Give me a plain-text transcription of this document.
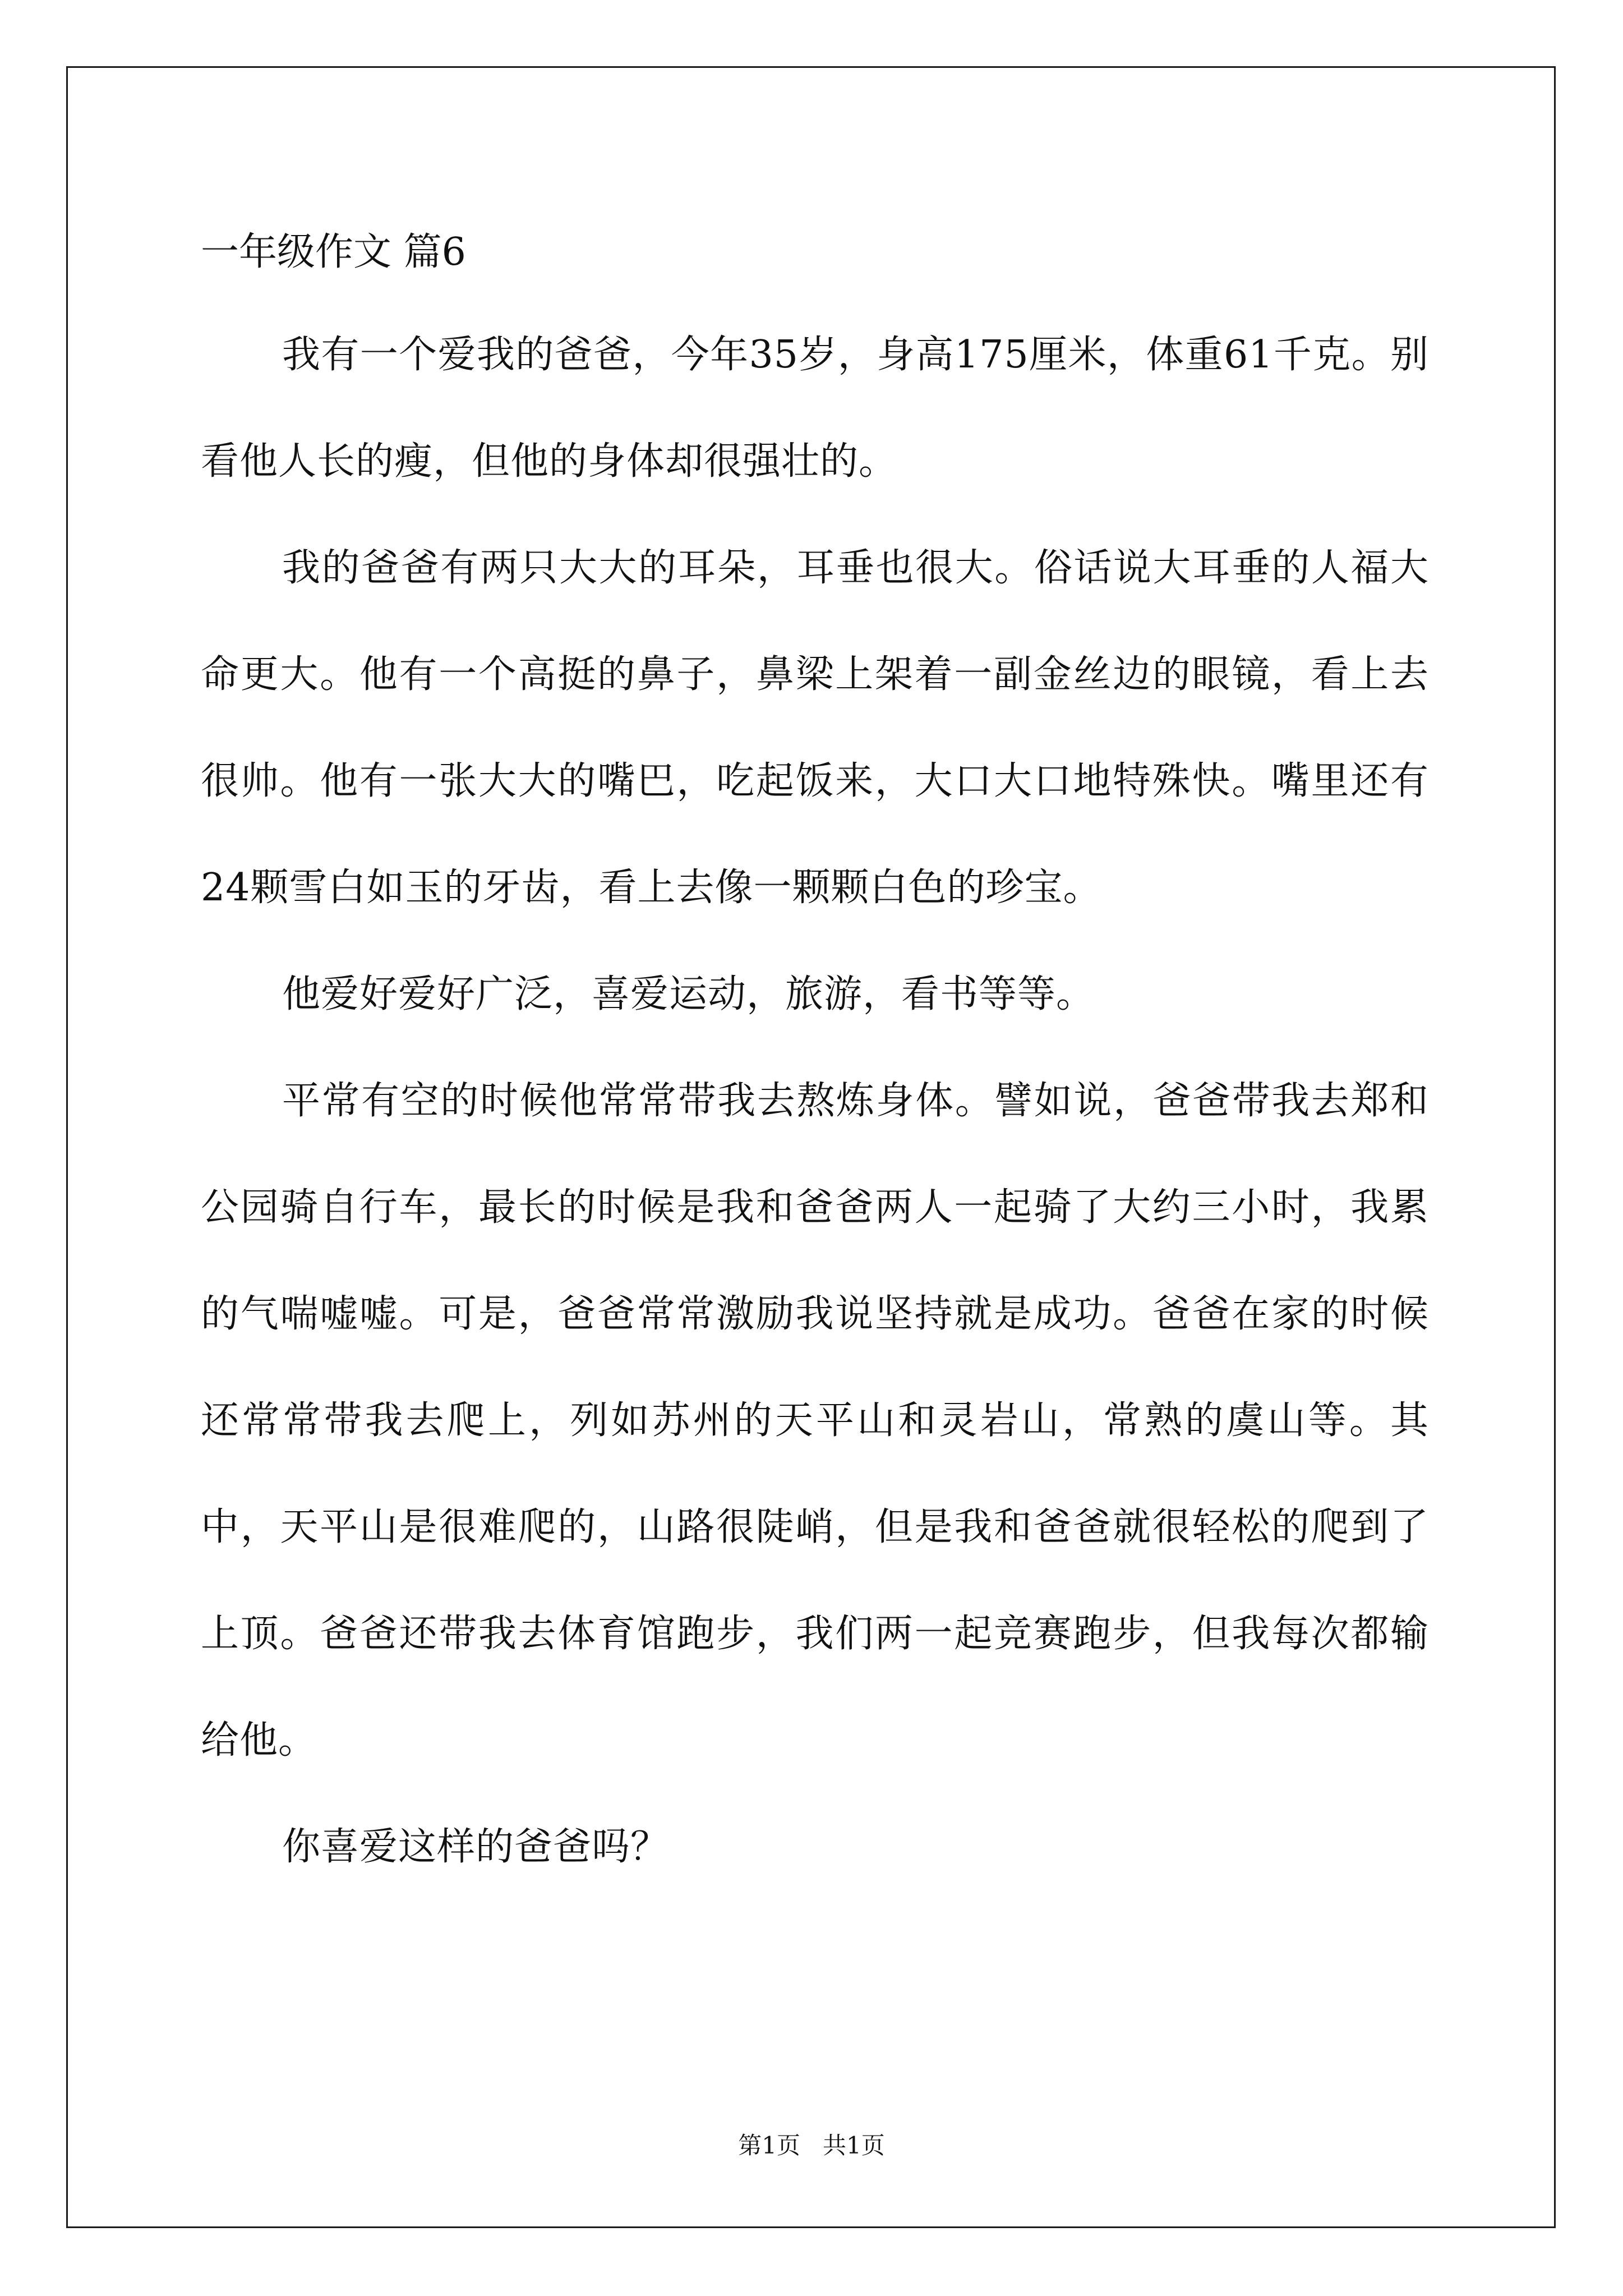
一年级作文 篇6

我有一个爱我的爸爸，今年35岁，身高175厘米，体重61千克。别看他人长的瘦，但他的身体却很强壮的。

我的爸爸有两只大大的耳朵，耳垂也很大。俗话说大耳垂的人福大命更大。他有一个高挺的鼻子，鼻梁上架着一副金丝边的眼镜，看上去很帅。他有一张大大的嘴巴，吃起饭来，大口大口地特殊快。嘴里还有24颗雪白如玉的牙齿，看上去像一颗颗白色的珍宝。

他爱好爱好广泛，喜爱运动，旅游，看书等等。

平常有空的时候他常常带我去熬炼身体。譬如说，爸爸带我去郑和公园骑自行车，最长的时候是我和爸爸两人一起骑了大约三小时，我累的气喘嘘嘘。可是，爸爸常常激励我说坚持就是成功。爸爸在家的时候还常常带我去爬上，列如苏州的天平山和灵岩山，常熟的虞山等。其中，天平山是很难爬的，山路很陡峭，但是我和爸爸就很轻松的爬到了上顶。爸爸还带我去体育馆跑步，我们两一起竞赛跑步，但我每次都输给他。

你喜爱这样的爸爸吗？

第1页   共1页
